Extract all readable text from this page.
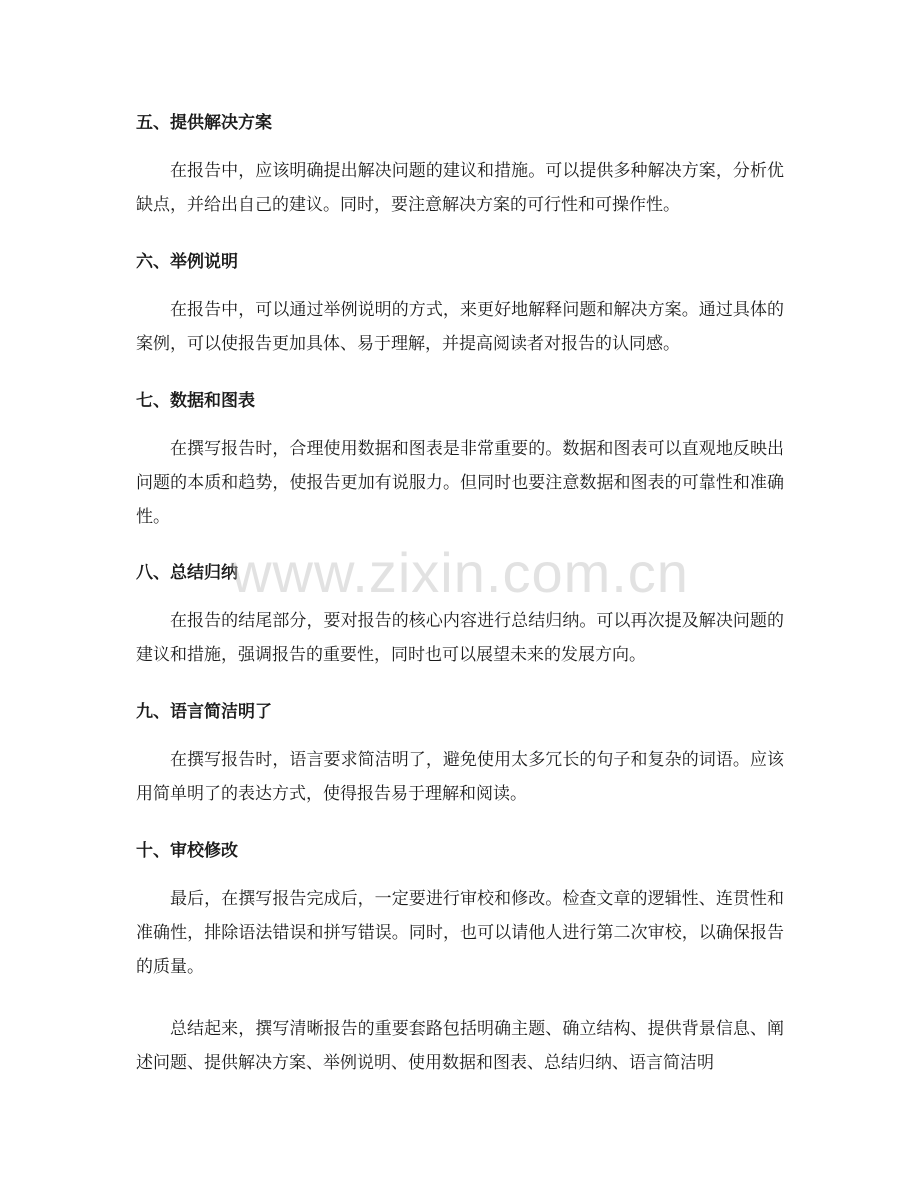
五、提供解决方案
在报告中，应该明确提出解决问题的建议和措施。可以提供多种解决方案，分析优缺点，并给出自己的建议。同时，要注意解决方案的可行性和可操作性。
六、举例说明
在报告中，可以通过举例说明的方式，来更好地解释问题和解决方案。通过具体的案例，可以使报告更加具体、易于理解，并提高阅读者对报告的认同感。
七、数据和图表
在撰写报告时，合理使用数据和图表是非常重要的。数据和图表可以直观地反映出问题的本质和趋势，使报告更加有说服力。但同时也要注意数据和图表的可靠性和准确性。
八、总结归纳
在报告的结尾部分，要对报告的核心内容进行总结归纳。可以再次提及解决问题的建议和措施，强调报告的重要性，同时也可以展望未来的发展方向。
九、语言简洁明了
在撰写报告时，语言要求简洁明了，避免使用太多冗长的句子和复杂的词语。应该用简单明了的表达方式，使得报告易于理解和阅读。
十、审校修改
最后，在撰写报告完成后，一定要进行审校和修改。检查文章的逻辑性、连贯性和准确性，排除语法错误和拼写错误。同时，也可以请他人进行第二次审校，以确保报告的质量。
总结起来，撰写清晰报告的重要套路包括明确主题、确立结构、提供背景信息、阐述问题、提供解决方案、举例说明、使用数据和图表、总结归纳、语言简洁明
www.zixin.com.cn
